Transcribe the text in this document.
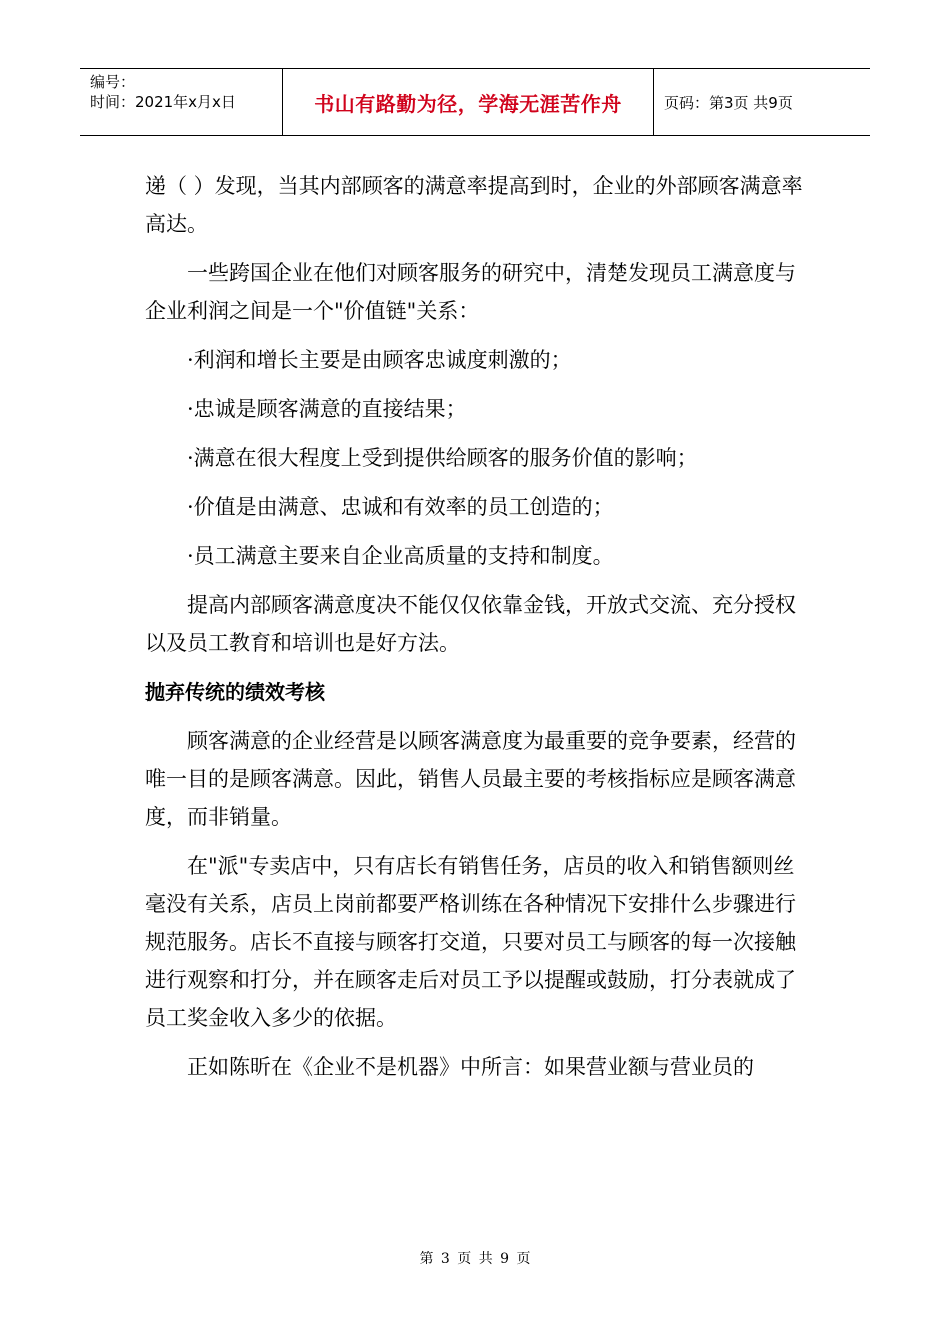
编号：
时间：2021年x月x日	书山有路勤为径，学海无涯苦作舟	页码：第3页 共9页

递（ ）发现，当其内部顾客的满意率提高到时，企业的外部顾客满意率高达。

一些跨国企业在他们对顾客服务的研究中，清楚发现员工满意度与企业利润之间是一个"价值链"关系：

·利润和增长主要是由顾客忠诚度刺激的；

·忠诚是顾客满意的直接结果；

·满意在很大程度上受到提供给顾客的服务价值的影响；

·价值是由满意、忠诚和有效率的员工创造的；

·员工满意主要来自企业高质量的支持和制度。

提高内部顾客满意度决不能仅仅依靠金钱，开放式交流、充分授权以及员工教育和培训也是好方法。

抛弃传统的绩效考核

顾客满意的企业经营是以顾客满意度为最重要的竞争要素，经营的唯一目的是顾客满意。因此，销售人员最主要的考核指标应是顾客满意度，而非销量。

在"派"专卖店中，只有店长有销售任务，店员的收入和销售额则丝毫没有关系，店员上岗前都要严格训练在各种情况下安排什么步骤进行规范服务。店长不直接与顾客打交道，只要对员工与顾客的每一次接触进行观察和打分，并在顾客走后对员工予以提醒或鼓励，打分表就成了员工奖金收入多少的依据。

正如陈昕在《企业不是机器》中所言：如果营业额与营业员的

第 3 页 共 9 页
